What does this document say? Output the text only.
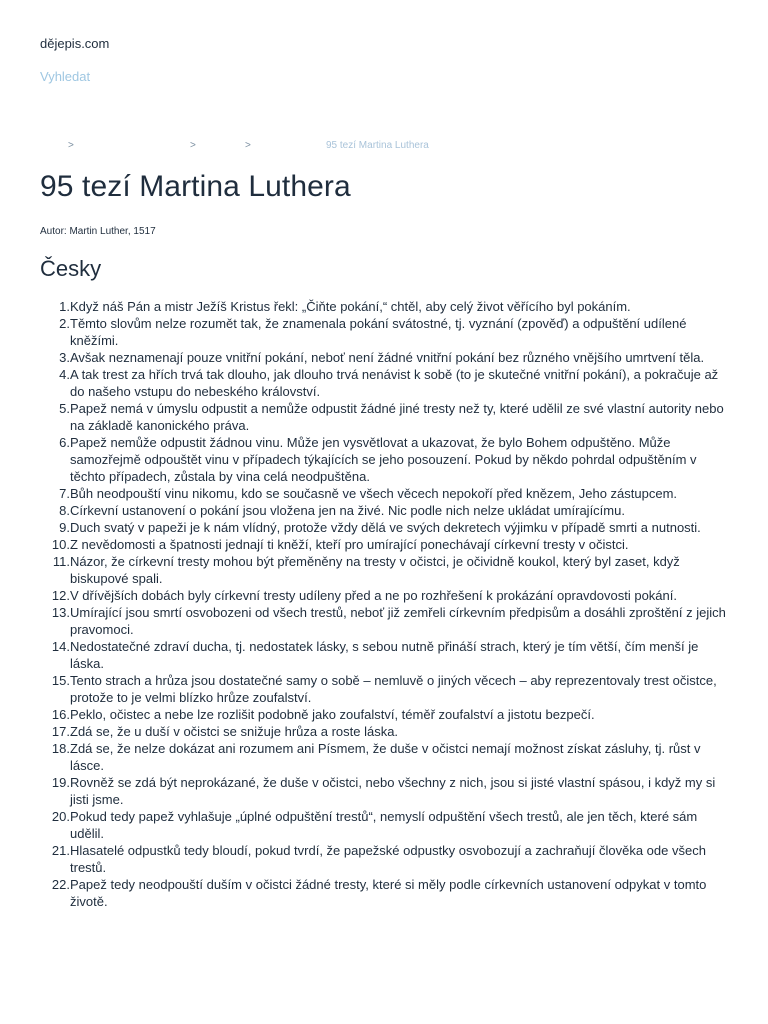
dějepis.com
Vyhledat
>	>	>	95 tezí Martina Luthera
95 tezí Martina Luthera
Autor: Martin Luther, 1517
Česky
1. Když náš Pán a mistr Ježíš Kristus řekl: „Čiňte pokání,“ chtěl, aby celý život věřícího byl pokáním.
2. Těmto slovům nelze rozumět tak, že znamenala pokání svátostné, tj. vyznání (zpověď) a odpuštění udílené kněžími.
3. Avšak neznamenají pouze vnitřní pokání, neboť není žádné vnitřní pokání bez různého vnějšího umrtvení těla.
4. A tak trest za hřích trvá tak dlouho, jak dlouho trvá nenávist k sobě (to je skutečné vnitřní pokání), a pokračuje až do našeho vstupu do nebeského království.
5. Papež nemá v úmyslu odpustit a nemůže odpustit žádné jiné tresty než ty, které udělil ze své vlastní autority nebo na základě kanonického práva.
6. Papež nemůže odpustit žádnou vinu. Může jen vysvětlovat a ukazovat, že bylo Bohem odpuštěno. Může samozřejmě odpouštět vinu v případech týkajících se jeho posouzení. Pokud by někdo pohrdal odpuštěním v těchto případech, zůstala by vina celá neodpuštěna.
7. Bůh neodpouští vinu nikomu, kdo se současně ve všech věcech nepokoří před knězem, Jeho zástupcem.
8. Církevní ustanovení o pokání jsou vložena jen na živé. Nic podle nich nelze ukládat umírajícímu.
9. Duch svatý v papeži je k nám vlídný, protože vždy dělá ve svých dekretech výjimku v případě smrti a nutnosti.
10. Z nevědomosti a špatnosti jednají ti kněží, kteří pro umírající ponechávají církevní tresty v očistci.
11. Názor, že církevní tresty mohou být přeměněny na tresty v očistci, je očividně koukol, který byl zaset, když biskupové spali.
12. V dřívějších dobách byly církevní tresty udíleny před a ne po rozhřešení k prokázání opravdovosti pokání.
13. Umírající jsou smrtí osvobozeni od všech trestů, neboť již zemřeli církevním předpisům a dosáhli zproštění z jejich pravomoci.
14. Nedostatečné zdraví ducha, tj. nedostatek lásky, s sebou nutně přináší strach, který je tím větší, čím menší je láska.
15. Tento strach a hrůza jsou dostatečné samy o sobě – nemluvě o jiných věcech – aby reprezentovaly trest očistce, protože to je velmi blízko hrůze zoufalství.
16. Peklo, očistec a nebe lze rozlišit podobně jako zoufalství, téměř zoufalství a jistotu bezpečí.
17. Zdá se, že u duší v očistci se snižuje hrůza a roste láska.
18. Zdá se, že nelze dokázat ani rozumem ani Písmem, že duše v očistci nemají možnost získat zásluhy, tj. růst v lásce.
19. Rovněž se zdá být neprokázané, že duše v očistci, nebo všechny z nich, jsou si jisté vlastní spásou, i když my si jisti jsme.
20. Pokud tedy papež vyhlašuje „úplné odpuštění trestů“, nemyslí odpuštění všech trestů, ale jen těch, které sám udělil.
21. Hlasatelé odpustků tedy bloudí, pokud tvrdí, že papežské odpustky osvobozují a zachraňují člověka ode všech trestů.
22. Papež tedy neodpouští duším v očistci žádné tresty, které si měly podle církevních ustanovení odpykat v tomto životě.
